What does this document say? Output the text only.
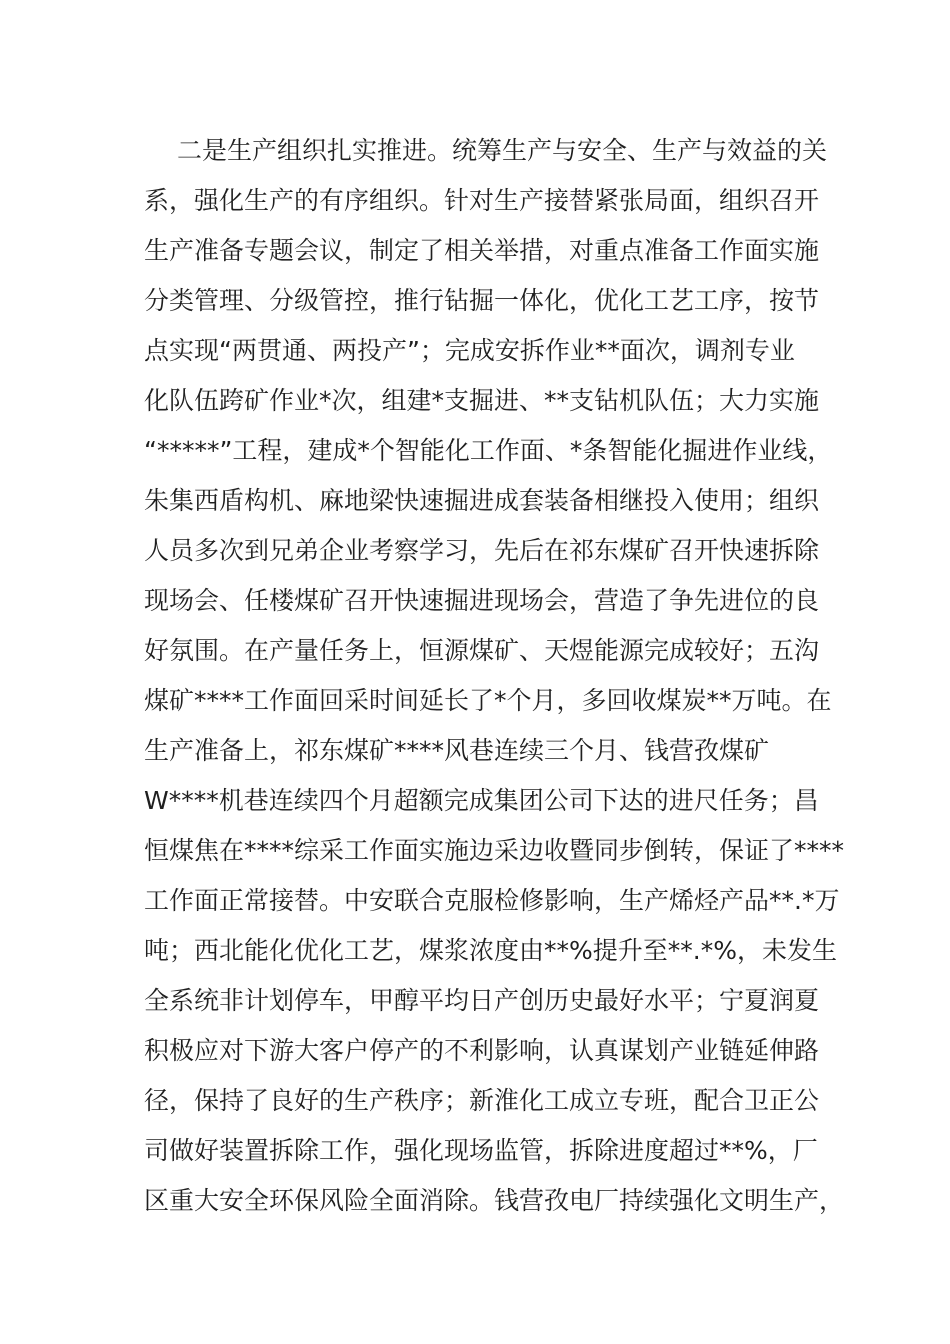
二是生产组织扎实推进。统筹生产与安全、生产与效益的关
系，强化生产的有序组织。针对生产接替紧张局面，组织召开
生产准备专题会议，制定了相关举措，对重点准备工作面实施
分类管理、分级管控，推行钻掘一体化，优化工艺工序，按节
点实现“两贯通、两投产”；完成安拆作业**面次，调剂专业
化队伍跨矿作业*次，组建*支掘进、**支钻机队伍；大力实施
“*****”工程，建成*个智能化工作面、*条智能化掘进作业线，
朱集西盾构机、麻地梁快速掘进成套装备相继投入使用；组织
人员多次到兄弟企业考察学习，先后在祁东煤矿召开快速拆除
现场会、任楼煤矿召开快速掘进现场会，营造了争先进位的良
好氛围。在产量任务上，恒源煤矿、天煜能源完成较好；五沟
煤矿****工作面回采时间延长了*个月，多回收煤炭**万吨。在
生产准备上，祁东煤矿****风巷连续三个月、钱营孜煤矿
W****机巷连续四个月超额完成集团公司下达的进尺任务；昌
恒煤焦在****综采工作面实施边采边收暨同步倒转，保证了****
工作面正常接替。中安联合克服检修影响，生产烯烃产品**.*万
吨；西北能化优化工艺，煤浆浓度由**%提升至**.*%，未发生
全系统非计划停车，甲醇平均日产创历史最好水平；宁夏润夏
积极应对下游大客户停产的不利影响，认真谋划产业链延伸路
径，保持了良好的生产秩序；新淮化工成立专班，配合卫正公
司做好装置拆除工作，强化现场监管，拆除进度超过**%，厂
区重大安全环保风险全面消除。钱营孜电厂持续强化文明生产，
